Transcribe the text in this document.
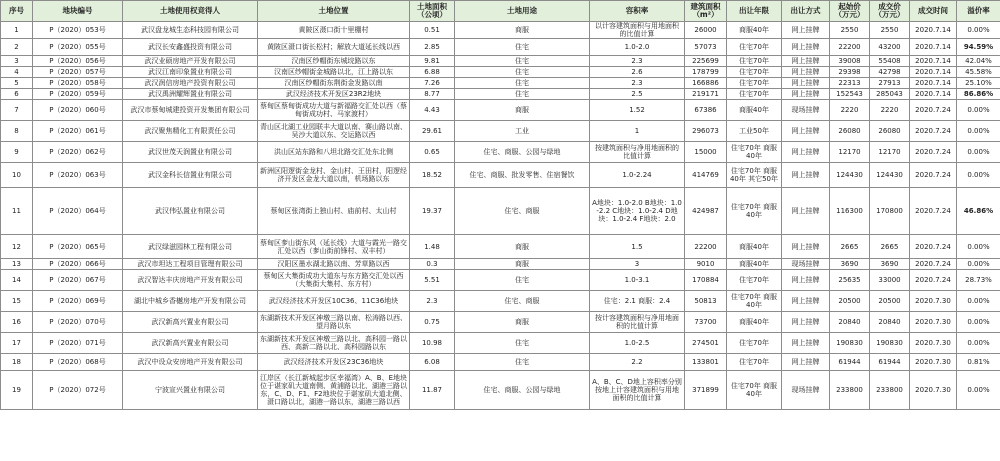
序号	地块编号	土地使用权竞得人	土地位置	土地面积（公顷）	土地用途	容积率	建筑面积（m²）	出让年限	出让方式	起始价（万元）	成交价（万元）	成交时间	溢价率
1	P（2020）053号	武汉盘龙城生态科技园有限公司	黄陂区滠口街十里棚村	0.51	商服	以计容建筑面积与用地面积的比值计算	26000	商服40年	网上挂牌	2550	2550	2020.7.14	0.00%
2	P（2020）055号	武汉长安鑫盛投资有限公司	黄陂区滠口街长松村；解放大道延长线以西	2.85	住宅	1.0-2.0	57073	住宅70年	网上挂牌	22200	43200	2020.7.14	94.59%
3	P（2020）056号	武汉业硕房地产开发有限公司	汉南区纱帽街东城垸路以东	9.81	住宅	2.3	225699	住宅70年	网上挂牌	39008	55408	2020.7.14	42.04%
4	P（2020）057号	武汉江南印象置业有限公司	汉南区纱帽街金城路以北，江上路以东	6.88	住宅	2.6	178799	住宅70年	网上挂牌	29398	42798	2020.7.14	45.58%
5	P（2020）058号	武汉润信房地产投资有限公司	汉南区纱帽街东荆街金发路以南	7.26	住宅	2.3	166886	住宅70年	网上挂牌	22313	27913	2020.7.14	25.10%
6	P（2020）059号	武汉禹洲耀辉置业有限公司	武汉经济技术开发区23R2地块	8.77	住宅	2.5	219171	住宅70年	网上挂牌	152543	285043	2020.7.14	86.86%
7	P（2020）060号	武汉市蔡甸城建投资开发集团有限公司	蔡甸区蔡甸街成功大道与新福路交汇处以西（蔡甸街成功村、马家渡村）	4.43	商服	1.52	67386	商服40年	现场挂牌	2220	2220	2020.7.24	0.00%
8	P（2020）061号	武汉聚焦精化工有限责任公司	青山区北湖工业园联丰大道以南、赛山路以南、吴沙大道以东、交运路以西	29.61	工业	1	296073	工业50年	网上挂牌	26080	26080	2020.7.24	0.00%
9	P（2020）062号	武汉世茂天润置业有限公司	洪山区站东路和八坦北路交汇处东北侧	0.65	住宅、商服、公园与绿地	按建筑面积与净用地面积的比值计算	15000	住宅70年 商服40年	网上挂牌	12170	12170	2020.7.24	0.00%
10	P（2020）063号	武汉金科长信置业有限公司	新洲区阳逻街金龙村、金山村、王田村，阳逻经济开发区金龙大道以南，机场路以东	18.52	住宅、商服、批发零售、住宿餐饮	1.0-2.24	414769	住宅70年 商服40年 其它50年	网上挂牌	124430	124430	2020.7.24	0.00%
11	P（2020）064号	武汉伟弘置业有限公司	蔡甸区张湾街上独山村、庙前村、太山村	19.37	住宅、商服	A地块：1.0-2.0 B地块：1.0-2.2 C地块：1.0-2.4 D地块：1.0-2.4 F地块：2.0	424987	住宅70年 商服40年	网上挂牌	116300	170800	2020.7.24	46.86%
12	P（2020）065号	武汉绿滋园林工程有限公司	蔡甸区奓山街东风（延长线）大道与霞光一路交汇处以西（奓山街前锋村、双丰村）	1.48	商服	1.5	22200	商服40年	网上挂牌	2665	2665	2020.7.24	0.00%
13	P（2020）066号	武汉市坦达工程项目管理有限公司	汉阳区墨水湖北路以南、芳草路以西	0.3	商服	3	9010	商服40年	现场挂牌	3690	3690	2020.7.24	0.00%
14	P（2020）067号	武汉智达丰庆房地产开发有限公司	蔡甸区大集街成功大道东与东方路交汇处以西（大集街大集村、东方村）	5.51	住宅	1.0-3.1	170884	住宅70年	网上挂牌	25635	33000	2020.7.24	28.73%
15	P（2020）069号	湖北中城乡香樾房地产开发有限公司	武汉经济技术开发区10C36、11C36地块	2.3	住宅、商服	住宅：2.1 商服：2.4	50813	住宅70年 商服40年	网上挂牌	20500	20500	2020.7.30	0.00%
16	P（2020）070号	武汉新高兴置业有限公司	东湖新技术开发区神墩三路以南、松涛路以西、望月路以东	0.75	商服	按计容建筑面积与净用地面积的比值计算	73700	商服40年	网上挂牌	20840	20840	2020.7.30	0.00%
17	P（2020）071号	武汉新高兴置业有限公司	东湖新技术开发区神墩三路以北、高科园一路以西、高新二路以北、高科园路以东	10.98	住宅	1.0-2.5	274501	住宅70年	网上挂牌	190830	190830	2020.7.30	0.00%
18	P（2020）068号	武汉中设众安房地产开发有限公司	武汉经济技术开发区23C36地块	6.08	住宅	2.2	133801	住宅70年	网上挂牌	61944	61944	2020.7.30	0.81%
19	P（2020）072号	宁波宣兴置业有限公司	江岸区（长江新城起步区幸福湾）A、B、E地块位于谌家矶大道南侧、黄浦路以北、湖港三路以东，C、D、F1、F2地块位于谌家矶大道北侧、滠口路以北，湖港一路以东，湖港三路以西	11.87	住宅、商服、公园与绿地	A、B、C、D地上容积率分别按地上计容建筑面积与用地面积的比值计算	371899	住宅70年 商服40年	现场挂牌	233800	233800	2020.7.30	0.00%
